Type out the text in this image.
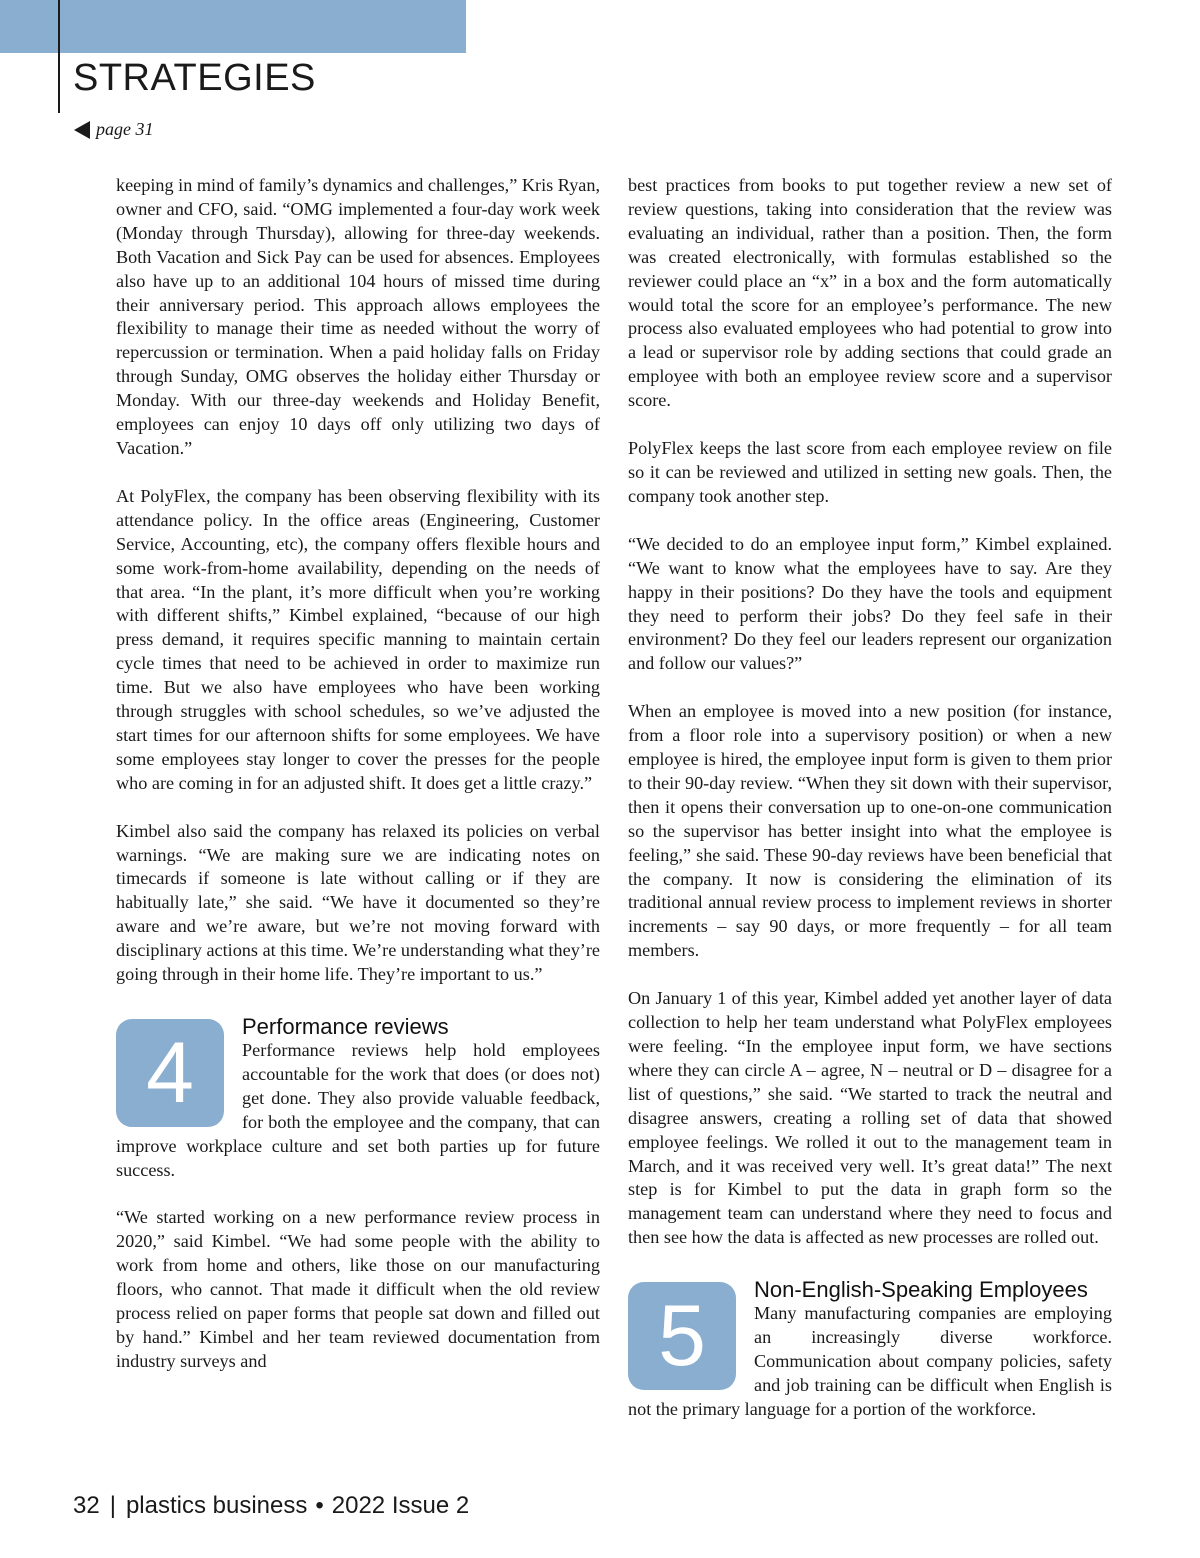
STRATEGIES
page 31

keeping in mind of family’s dynamics and challenges,” Kris Ryan, owner and CFO, said. “OMG implemented a four-day work week (Monday through Thursday), allowing for three-day weekends. Both Vacation and Sick Pay can be used for absences. Employees also have up to an additional 104 hours of missed time during their anniversary period. This approach allows employees the flexibility to manage their time as needed without the worry of repercussion or termination. When a paid holiday falls on Friday through Sunday, OMG observes the holiday either Thursday or Monday. With our three-day weekends and Holiday Benefit, employees can enjoy 10 days off only utilizing two days of Vacation.”

At PolyFlex, the company has been observing flexibility with its attendance policy. In the office areas (Engineering, Customer Service, Accounting, etc), the company offers flexible hours and some work-from-home availability, depending on the needs of that area. “In the plant, it’s more difficult when you’re working with different shifts,” Kimbel explained, “because of our high press demand, it requires specific manning to maintain certain cycle times that need to be achieved in order to maximize run time. But we also have employees who have been working through struggles with school schedules, so we’ve adjusted the start times for our afternoon shifts for some employees. We have some employees stay longer to cover the presses for the people who are coming in for an adjusted shift. It does get a little crazy.”

Kimbel also said the company has relaxed its policies on verbal warnings. “We are making sure we are indicating notes on timecards if someone is late without calling or if they are habitually late,” she said. “We have it documented so they’re aware and we’re aware, but we’re not moving forward with disciplinary actions at this time. We’re understanding what they’re going through in their home life. They’re important to us.”

4	Performance reviews

Performance reviews help hold employees accountable for the work that does (or does not) get done. They also provide valuable feedback, for both the employee and the company, that can improve workplace culture and set both parties up for future success.

“We started working on a new performance review process in 2020,” said Kimbel. “We had some people with the ability to work from home and others, like those on our manufacturing floors, who cannot. That made it difficult when the old review process relied on paper forms that people sat down and filled out by hand.” Kimbel and her team reviewed documentation from industry surveys and

best practices from books to put together review a new set of review questions, taking into consideration that the review was evaluating an individual, rather than a position. Then, the form was created electronically, with formulas established so the reviewer could place an “x” in a box and the form automatically would total the score for an employee’s performance. The new process also evaluated employees who had potential to grow into a lead or supervisor role by adding sections that could grade an employee with both an employee review score and a supervisor score.

PolyFlex keeps the last score from each employee review on file so it can be reviewed and utilized in setting new goals. Then, the company took another step.

“We decided to do an employee input form,” Kimbel explained. “We want to know what the employees have to say. Are they happy in their positions? Do they have the tools and equipment they need to perform their jobs? Do they feel safe in their environment? Do they feel our leaders represent our organization and follow our values?”

When an employee is moved into a new position (for instance, from a floor role into a supervisory position) or when a new employee is hired, the employee input form is given to them prior to their 90-day review. “When they sit down with their supervisor, then it opens their conversation up to one-on-one communication so the supervisor has better insight into what the employee is feeling,” she said. These 90-day reviews have been beneficial that the company. It now is considering the elimination of its traditional annual review process to implement reviews in shorter increments – say 90 days, or more frequently – for all team members.

On January 1 of this year, Kimbel added yet another layer of data collection to help her team understand what PolyFlex employees were feeling. “In the employee input form, we have sections where they can circle A – agree, N – neutral or D – disagree for a list of questions,” she said. “We started to track the neutral and disagree answers, creating a rolling set of data that showed employee feelings. We rolled it out to the management team in March, and it was received very well. It’s great data!” The next step is for Kimbel to put the data in graph form so the management team can understand where they need to focus and then see how the data is affected as new processes are rolled out.

5	Non-English-Speaking Employees

Many manufacturing companies are employing an increasingly diverse workforce. Communication about company policies, safety and job training can be difficult when English is not the primary language for a portion of the workforce.

32 | plastics business • 2022 Issue 2
